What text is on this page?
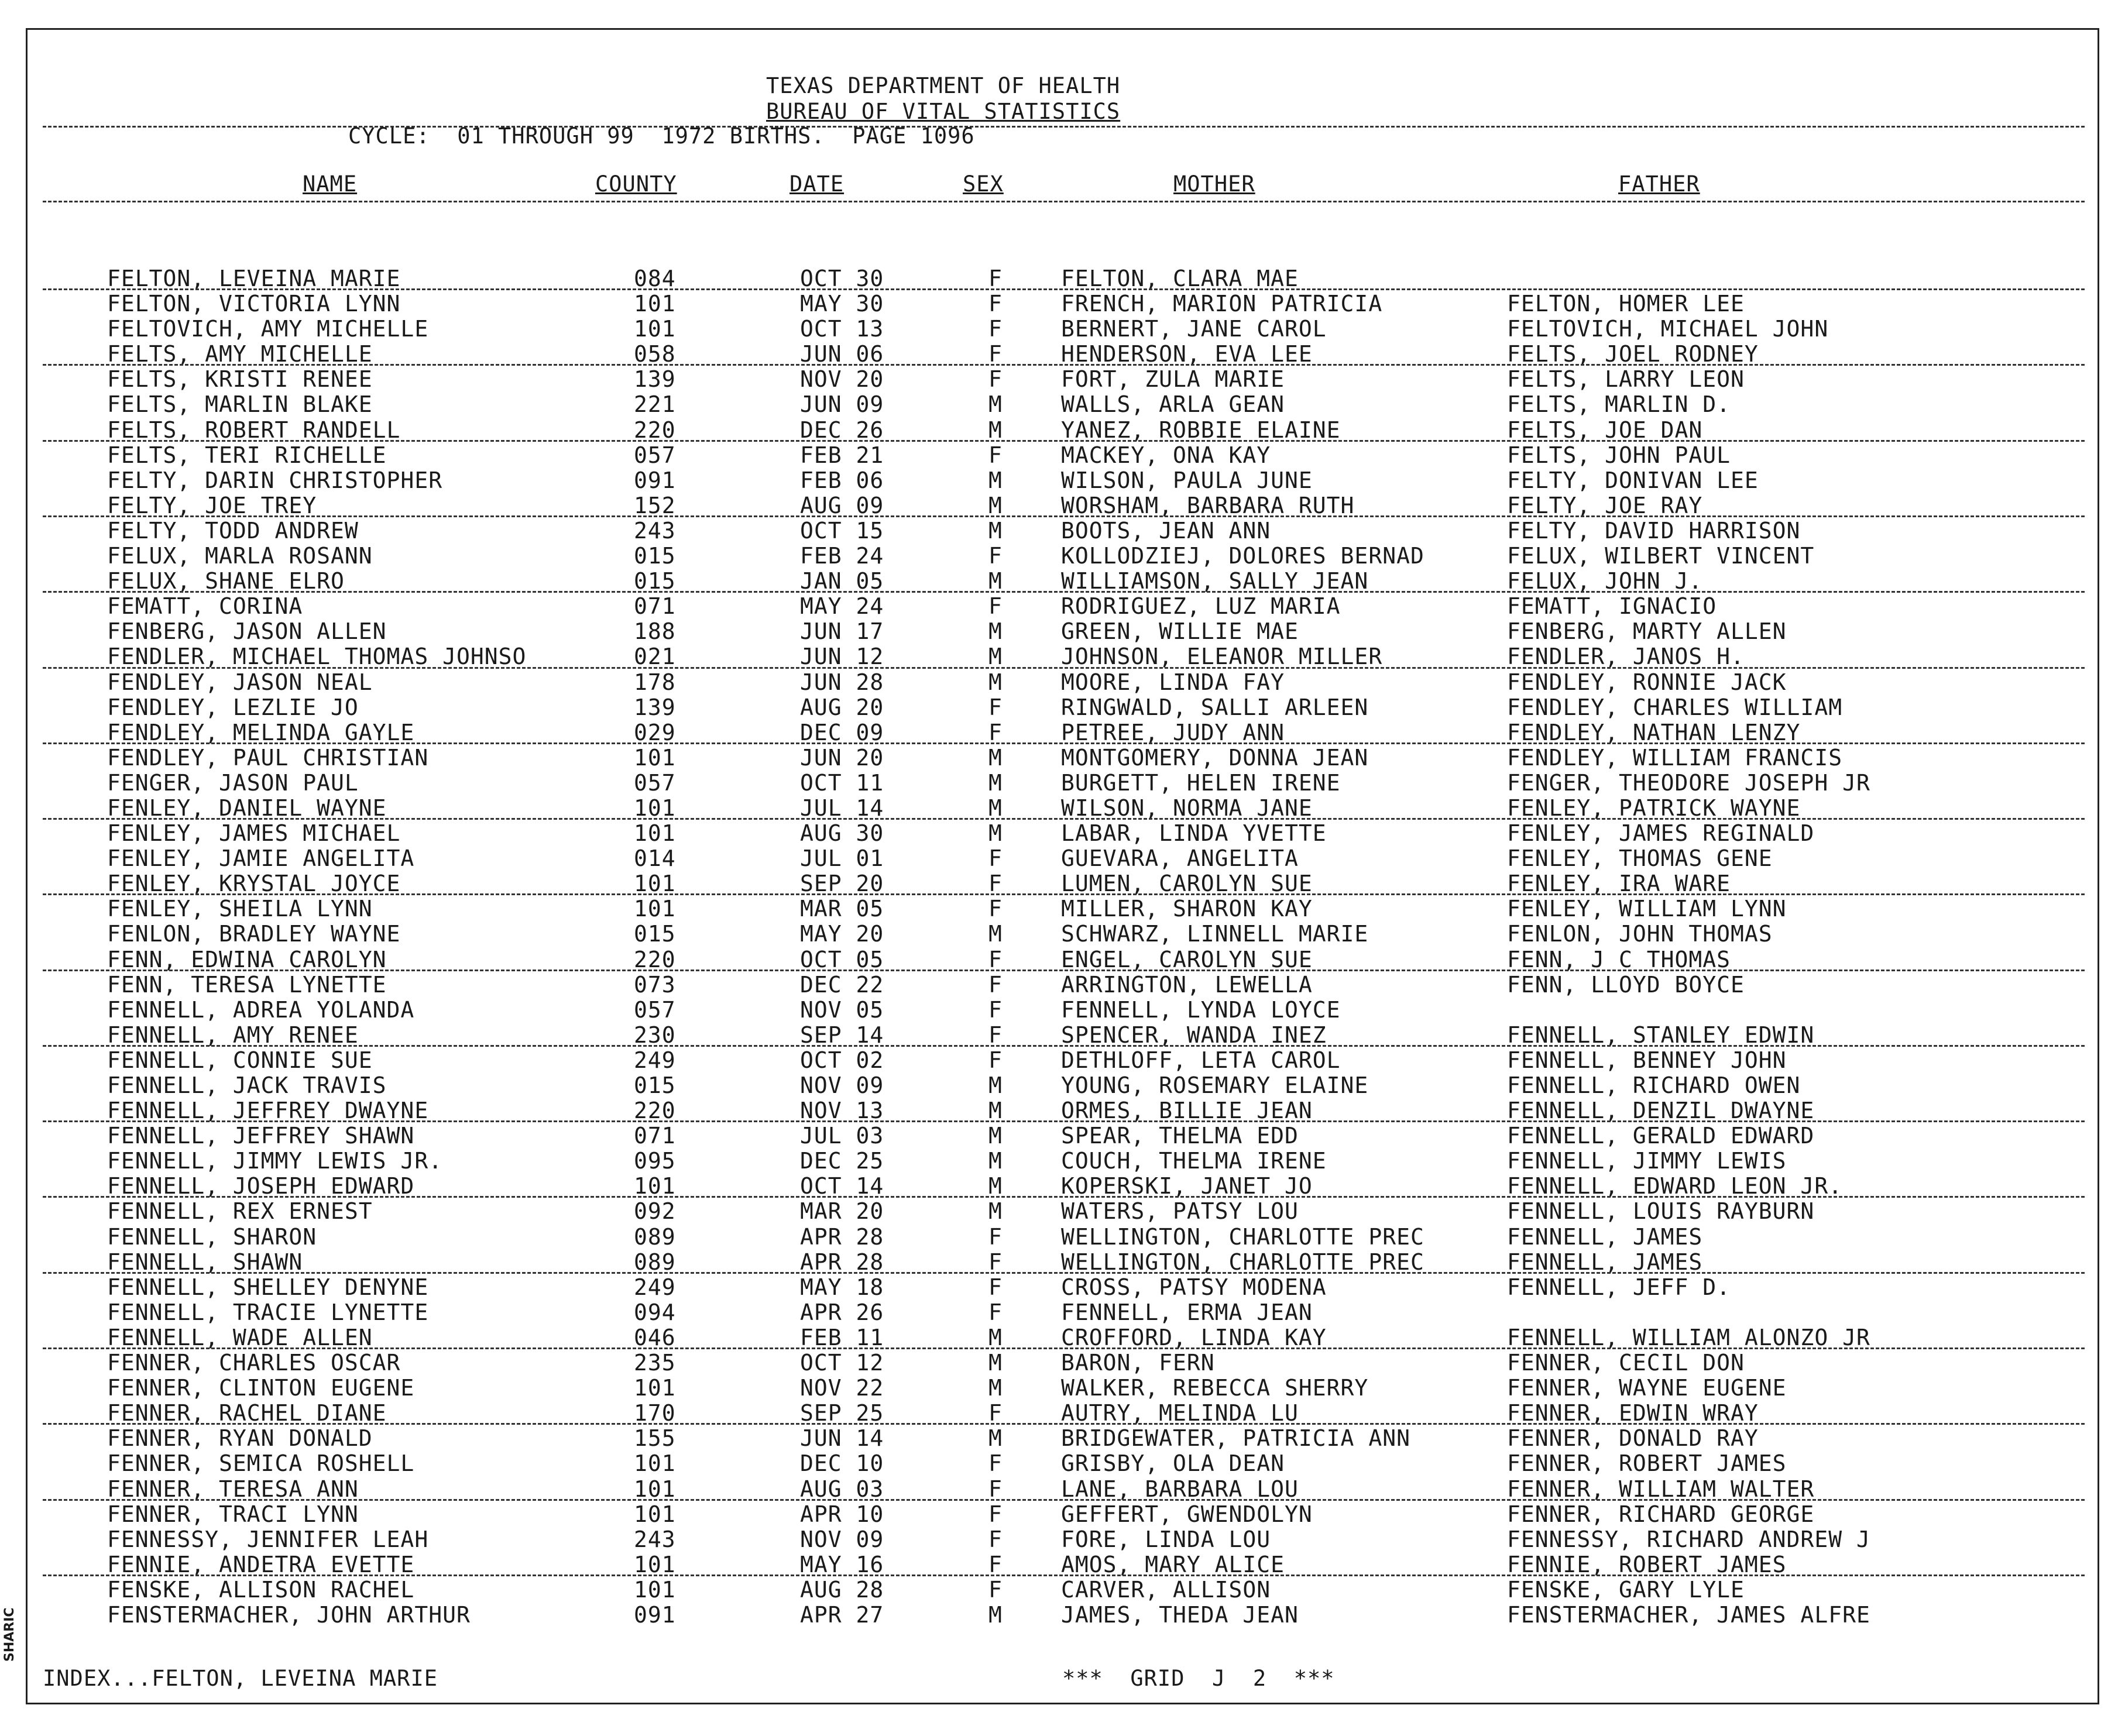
SHARIC
TEXAS DEPARTMENT OF HEALTH
BUREAU OF VITAL STATISTICS
CYCLE:  01 THROUGH 99  1972 BIRTHS.  PAGE 1096
NAME	COUNTY	DATE	SEX	MOTHER	FATHER
FELTON, LEVEINA MARIE	084	OCT 30	F	FELTON, CLARA MAE
FELTON, VICTORIA LYNN	101	MAY 30	F	FRENCH, MARION PATRICIA	FELTON, HOMER LEE
FELTOVICH, AMY MICHELLE	101	OCT 13	F	BERNERT, JANE CAROL	FELTOVICH, MICHAEL JOHN
FELTS, AMY MICHELLE	058	JUN 06	F	HENDERSON, EVA LEE	FELTS, JOEL RODNEY
FELTS, KRISTI RENEE	139	NOV 20	F	FORT, ZULA MARIE	FELTS, LARRY LEON
FELTS, MARLIN BLAKE	221	JUN 09	M	WALLS, ARLA GEAN	FELTS, MARLIN D.
FELTS, ROBERT RANDELL	220	DEC 26	M	YANEZ, ROBBIE ELAINE	FELTS, JOE DAN
FELTS, TERI RICHELLE	057	FEB 21	F	MACKEY, ONA KAY	FELTS, JOHN PAUL
FELTY, DARIN CHRISTOPHER	091	FEB 06	M	WILSON, PAULA JUNE	FELTY, DONIVAN LEE
FELTY, JOE TREY	152	AUG 09	M	WORSHAM, BARBARA RUTH	FELTY, JOE RAY
FELTY, TODD ANDREW	243	OCT 15	M	BOOTS, JEAN ANN	FELTY, DAVID HARRISON
FELUX, MARLA ROSANN	015	FEB 24	F	KOLLODZIEJ, DOLORES BERNAD	FELUX, WILBERT VINCENT
FELUX, SHANE ELRO	015	JAN 05	M	WILLIAMSON, SALLY JEAN	FELUX, JOHN J.
FEMATT, CORINA	071	MAY 24	F	RODRIGUEZ, LUZ MARIA	FEMATT, IGNACIO
FENBERG, JASON ALLEN	188	JUN 17	M	GREEN, WILLIE MAE	FENBERG, MARTY ALLEN
FENDLER, MICHAEL THOMAS JOHNSO	021	JUN 12	M	JOHNSON, ELEANOR MILLER	FENDLER, JANOS H.
FENDLEY, JASON NEAL	178	JUN 28	M	MOORE, LINDA FAY	FENDLEY, RONNIE JACK
FENDLEY, LEZLIE JO	139	AUG 20	F	RINGWALD, SALLI ARLEEN	FENDLEY, CHARLES WILLIAM
FENDLEY, MELINDA GAYLE	029	DEC 09	F	PETREE, JUDY ANN	FENDLEY, NATHAN LENZY
FENDLEY, PAUL CHRISTIAN	101	JUN 20	M	MONTGOMERY, DONNA JEAN	FENDLEY, WILLIAM FRANCIS
FENGER, JASON PAUL	057	OCT 11	M	BURGETT, HELEN IRENE	FENGER, THEODORE JOSEPH JR
FENLEY, DANIEL WAYNE	101	JUL 14	M	WILSON, NORMA JANE	FENLEY, PATRICK WAYNE
FENLEY, JAMES MICHAEL	101	AUG 30	M	LABAR, LINDA YVETTE	FENLEY, JAMES REGINALD
FENLEY, JAMIE ANGELITA	014	JUL 01	F	GUEVARA, ANGELITA	FENLEY, THOMAS GENE
FENLEY, KRYSTAL JOYCE	101	SEP 20	F	LUMEN, CAROLYN SUE	FENLEY, IRA WARE
FENLEY, SHEILA LYNN	101	MAR 05	F	MILLER, SHARON KAY	FENLEY, WILLIAM LYNN
FENLON, BRADLEY WAYNE	015	MAY 20	M	SCHWARZ, LINNELL MARIE	FENLON, JOHN THOMAS
FENN, EDWINA CAROLYN	220	OCT 05	F	ENGEL, CAROLYN SUE	FENN, J C THOMAS
FENN, TERESA LYNETTE	073	DEC 22	F	ARRINGTON, LEWELLA	FENN, LLOYD BOYCE
FENNELL, ADREA YOLANDA	057	NOV 05	F	FENNELL, LYNDA LOYCE
FENNELL, AMY RENEE	230	SEP 14	F	SPENCER, WANDA INEZ	FENNELL, STANLEY EDWIN
FENNELL, CONNIE SUE	249	OCT 02	F	DETHLOFF, LETA CAROL	FENNELL, BENNEY JOHN
FENNELL, JACK TRAVIS	015	NOV 09	M	YOUNG, ROSEMARY ELAINE	FENNELL, RICHARD OWEN
FENNELL, JEFFREY DWAYNE	220	NOV 13	M	ORMES, BILLIE JEAN	FENNELL, DENZIL DWAYNE
FENNELL, JEFFREY SHAWN	071	JUL 03	M	SPEAR, THELMA EDD	FENNELL, GERALD EDWARD
FENNELL, JIMMY LEWIS JR.	095	DEC 25	M	COUCH, THELMA IRENE	FENNELL, JIMMY LEWIS
FENNELL, JOSEPH EDWARD	101	OCT 14	M	KOPERSKI, JANET JO	FENNELL, EDWARD LEON JR.
FENNELL, REX ERNEST	092	MAR 20	M	WATERS, PATSY LOU	FENNELL, LOUIS RAYBURN
FENNELL, SHARON	089	APR 28	F	WELLINGTON, CHARLOTTE PREC	FENNELL, JAMES
FENNELL, SHAWN	089	APR 28	F	WELLINGTON, CHARLOTTE PREC	FENNELL, JAMES
FENNELL, SHELLEY DENYNE	249	MAY 18	F	CROSS, PATSY MODENA	FENNELL, JEFF D.
FENNELL, TRACIE LYNETTE	094	APR 26	F	FENNELL, ERMA JEAN
FENNELL, WADE ALLEN	046	FEB 11	M	CROFFORD, LINDA KAY	FENNELL, WILLIAM ALONZO JR
FENNER, CHARLES OSCAR	235	OCT 12	M	BARON, FERN	FENNER, CECIL DON
FENNER, CLINTON EUGENE	101	NOV 22	M	WALKER, REBECCA SHERRY	FENNER, WAYNE EUGENE
FENNER, RACHEL DIANE	170	SEP 25	F	AUTRY, MELINDA LU	FENNER, EDWIN WRAY
FENNER, RYAN DONALD	155	JUN 14	M	BRIDGEWATER, PATRICIA ANN	FENNER, DONALD RAY
FENNER, SEMICA ROSHELL	101	DEC 10	F	GRISBY, OLA DEAN	FENNER, ROBERT JAMES
FENNER, TERESA ANN	101	AUG 03	F	LANE, BARBARA LOU	FENNER, WILLIAM WALTER
FENNER, TRACI LYNN	101	APR 10	F	GEFFERT, GWENDOLYN	FENNER, RICHARD GEORGE
FENNESSY, JENNIFER LEAH	243	NOV 09	F	FORE, LINDA LOU	FENNESSY, RICHARD ANDREW J
FENNIE, ANDETRA EVETTE	101	MAY 16	F	AMOS, MARY ALICE	FENNIE, ROBERT JAMES
FENSKE, ALLISON RACHEL	101	AUG 28	F	CARVER, ALLISON	FENSKE, GARY LYLE
FENSTERMACHER, JOHN ARTHUR	091	APR 27	M	JAMES, THEDA JEAN	FENSTERMACHER, JAMES ALFRE
INDEX...FELTON, LEVEINA MARIE	***  GRID  J  2  ***
